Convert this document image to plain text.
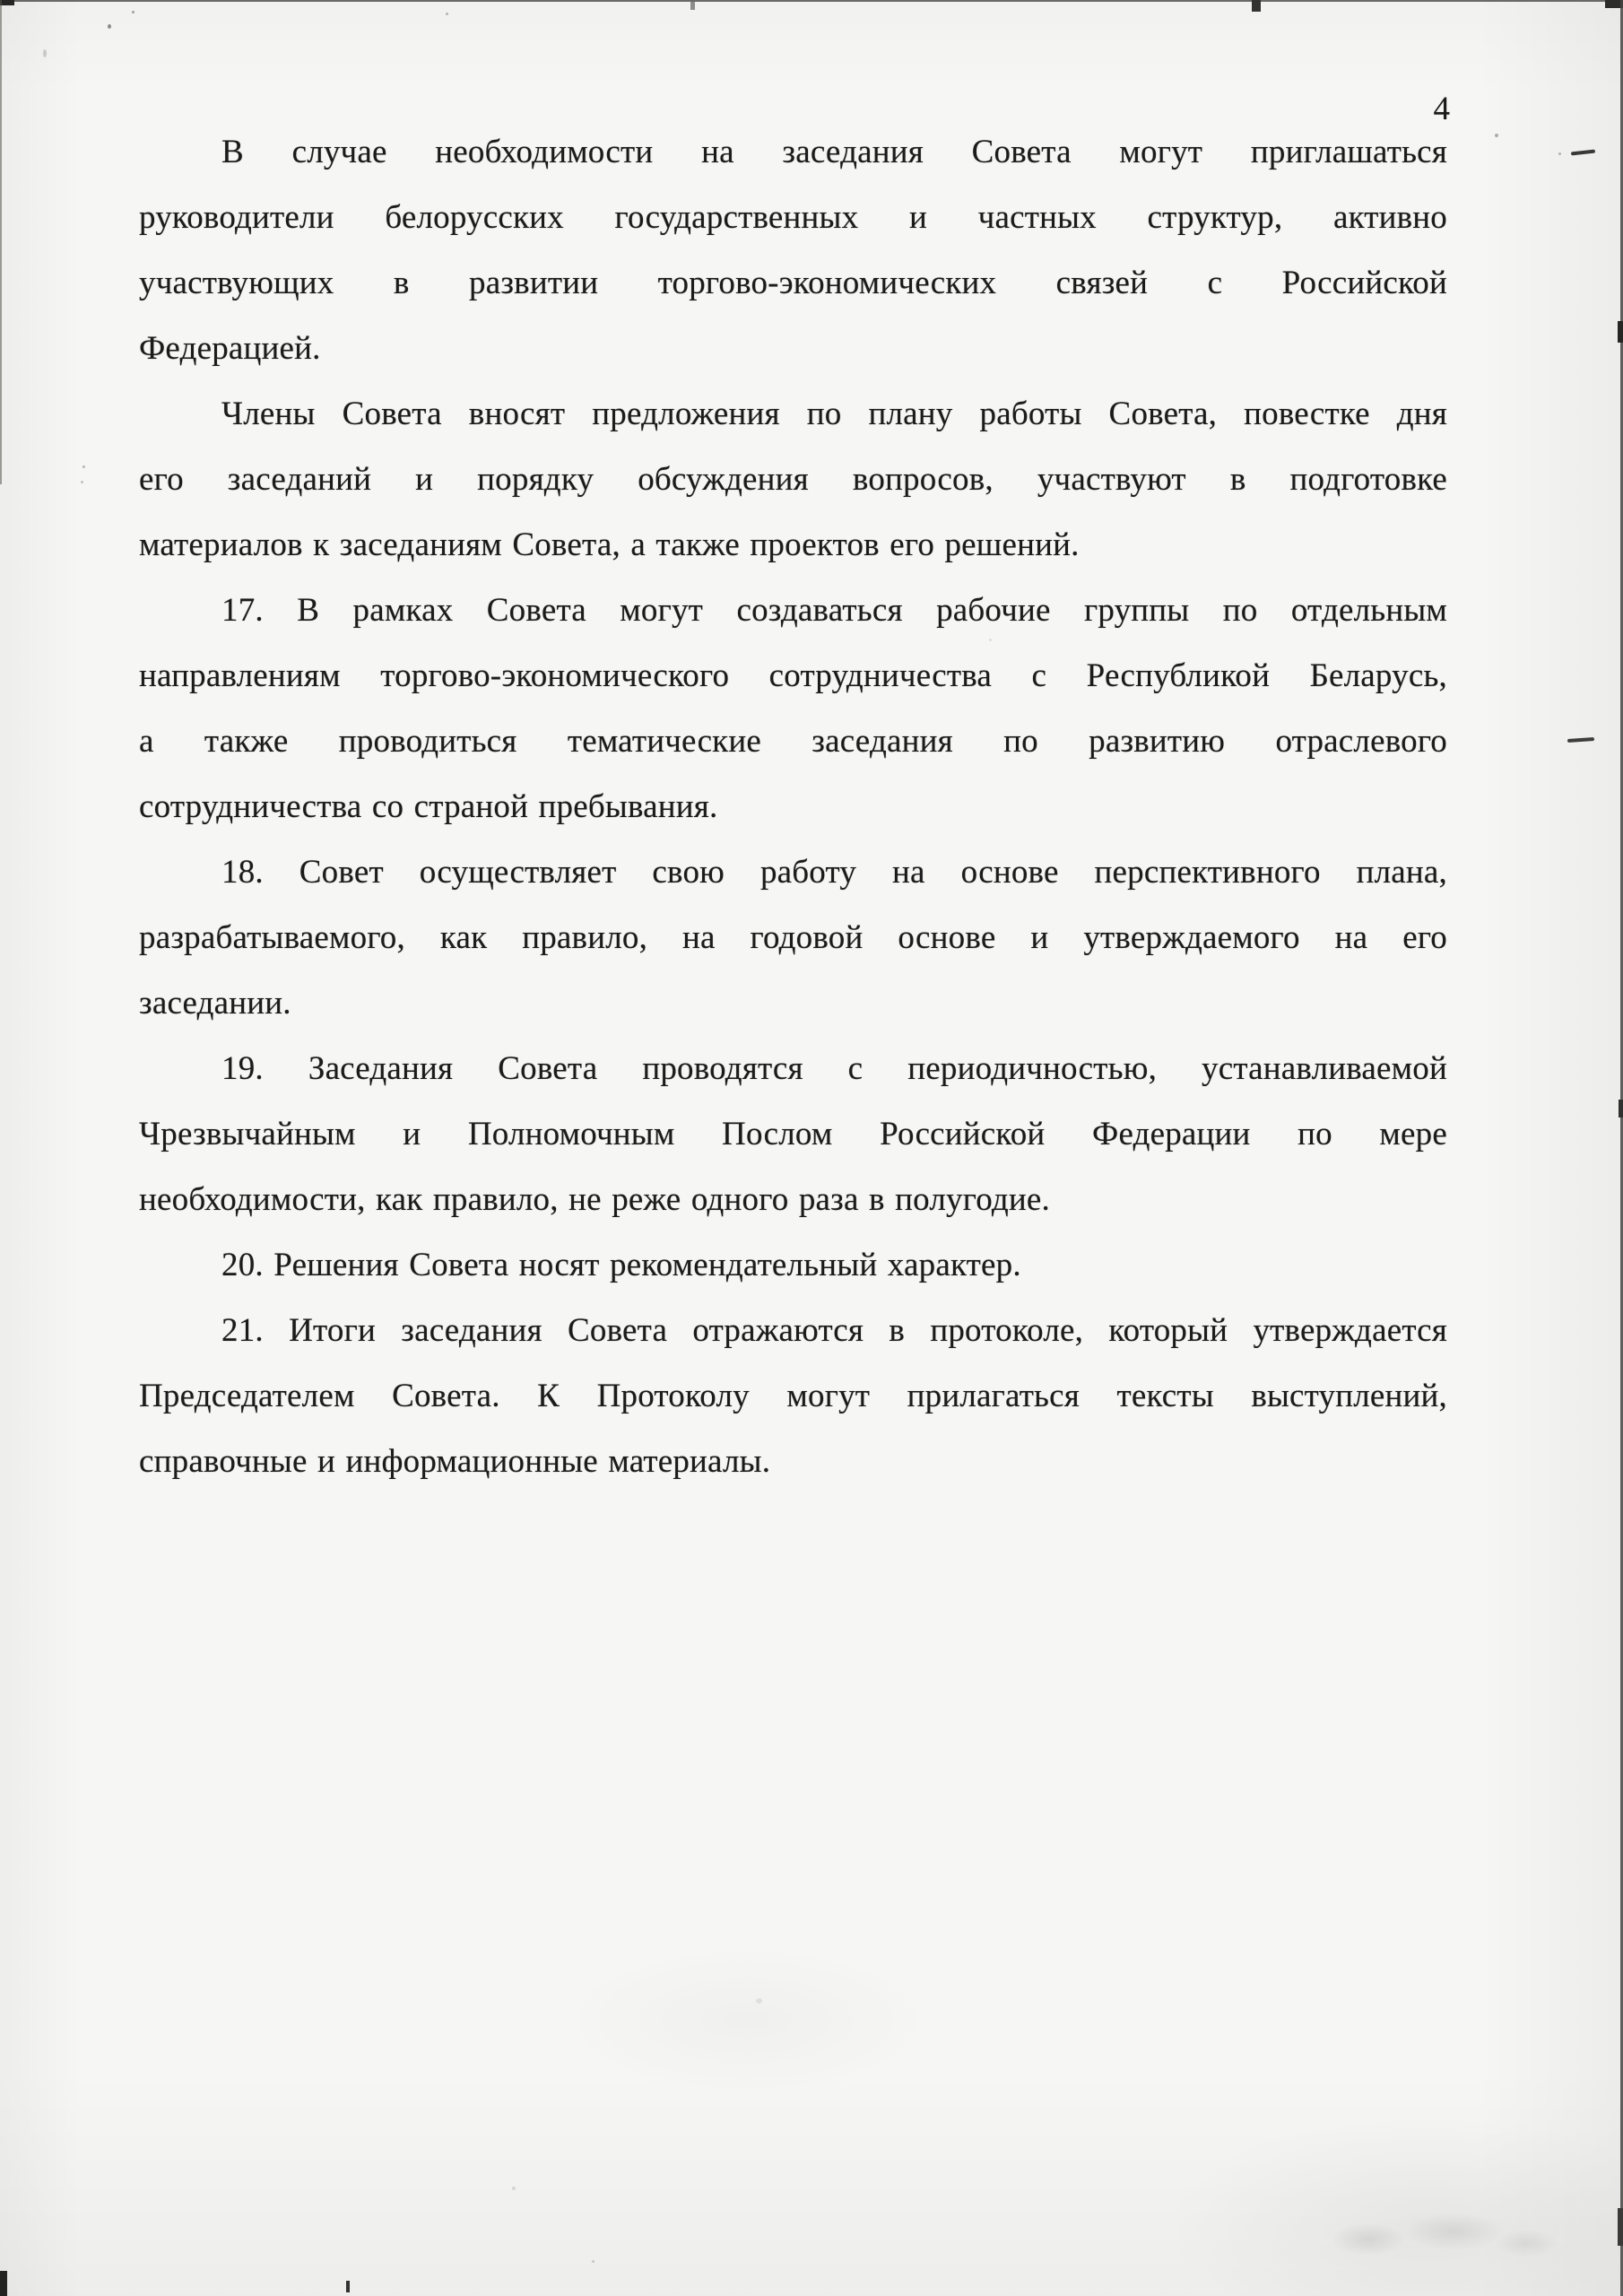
4
В случае необходимости на заседания Совета могут приглашаться
руководители белорусских государственных и частных структур, активно
участвующих в развитии торгово-экономических связей с Российской
Федерацией.
Члены Совета вносят предложения по плану работы Совета, повестке дня
его заседаний и порядку обсуждения вопросов, участвуют в подготовке
материалов к заседаниям Совета, а также проектов его решений.
17. В рамках Совета могут создаваться рабочие группы по отдельным
направлениям торгово-экономического сотрудничества с Республикой Беларусь,
а также проводиться тематические заседания по развитию отраслевого
сотрудничества со страной пребывания.
18. Совет осуществляет свою работу на основе перспективного плана,
разрабатываемого, как правило, на годовой основе и утверждаемого на его
заседании.
19. Заседания Совета проводятся с периодичностью, устанавливаемой
Чрезвычайным и Полномочным Послом Российской Федерации по мере
необходимости, как правило, не реже одного раза в полугодие.
20. Решения Совета носят рекомендательный характер.
21. Итоги заседания Совета отражаются в протоколе, который утверждается
Председателем Совета. К Протоколу могут прилагаться тексты выступлений,
справочные и информационные материалы.
